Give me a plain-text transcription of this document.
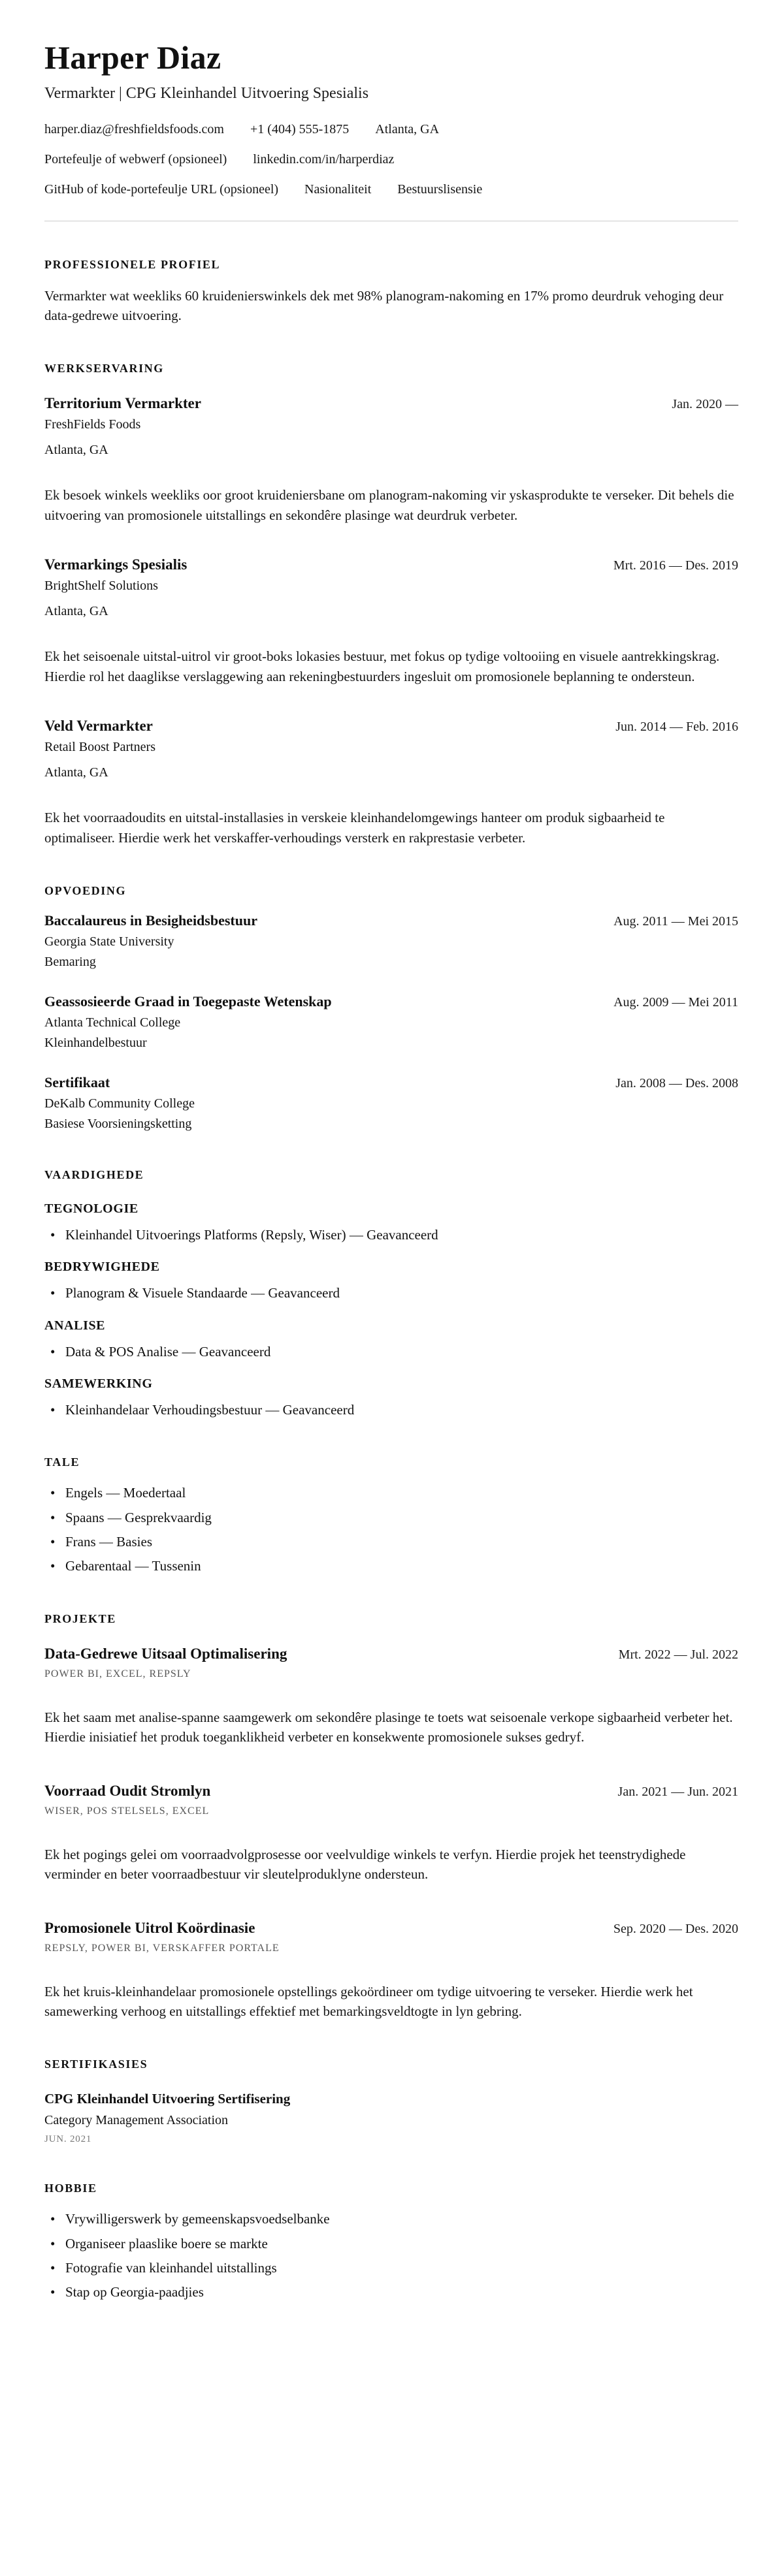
Harper Diaz

Vermarkter | CPG Kleinhandel Uitvoering Spesialis

harper.diaz@freshfieldsfoods.com +1 (404) 555-1875 Atlanta, GA
Portefeulje of webwerf (opsioneel) linkedin.com/in/harperdiaz
GitHub of kode-portefeulje URL (opsioneel) Nasionaliteit Bestuurslisensie
PROFESSIONELE PROFIEL

Vermarkter wat weekliks 60 kruidenierswinkels dek met 98% planogram-nakoming en 17% promo deurdruk vehoging deur data-gedrewe uitvoering.

WERKSERVARING
Territorium Vermarkter	Jan. 2020 —
FreshFields Foods
Atlanta, GA

Ek besoek winkels weekliks oor groot kruideniersbane om planogram-nakoming vir yskasprodukte te verseker. Dit behels die uitvoering van promosionele uitstallings en sekondêre plasinge wat deurdruk verbeter.

Vermarkings Spesialis	Mrt. 2016 — Des. 2019
BrightShelf Solutions
Atlanta, GA

Ek het seisoenale uitstal-uitrol vir groot-boks lokasies bestuur, met fokus op tydige voltooiing en visuele aantrekkingskrag. Hierdie rol het daaglikse verslaggewing aan rekeningbestuurders ingesluit om promosionele beplanning te ondersteun.

Veld Vermarkter	Jun. 2014 — Feb. 2016
Retail Boost Partners
Atlanta, GA

Ek het voorraadoudits en uitstal-installasies in verskeie kleinhandelomgewings hanteer om produk sigbaarheid te optimaliseer. Hierdie werk het verskaffer-verhoudings versterk en rakprestasie verbeter.

OPVOEDING
Baccalaureus in Besigheidsbestuur	Aug. 2011 — Mei 2015
Georgia State University
Bemaring
Geassosieerde Graad in Toegepaste Wetenskap	Aug. 2009 — Mei 2011
Atlanta Technical College
Kleinhandelbestuur
Sertifikaat	Jan. 2008 — Des. 2008
DeKalb Community College
Basiese Voorsieningsketting
VAARDIGHEDE
TEGNOLOGIE
• Kleinhandel Uitvoerings Platforms (Repsly, Wiser) — Geavanceerd
BEDRYWIGHEDE
• Planogram & Visuele Standaarde — Geavanceerd
ANALISE
• Data & POS Analise — Geavanceerd
SAMEWERKING
• Kleinhandelaar Verhoudingsbestuur — Geavanceerd
TALE
• Engels — Moedertaal
• Spaans — Gesprekvaardig
• Frans — Basies
• Gebarentaal — Tussenin
PROJEKTE
Data-Gedrewe Uitsaal Optimalisering	Mrt. 2022 — Jul. 2022
POWER BI, EXCEL, REPSLY

Ek het saam met analise-spanne saamgewerk om sekondêre plasinge te toets wat seisoenale verkope sigbaarheid verbeter het. Hierdie inisiatief het produk toeganklikheid verbeter en konsekwente promosionele sukses gedryf.

Voorraad Oudit Stromlyn	Jan. 2021 — Jun. 2021
WISER, POS STELSELS, EXCEL

Ek het pogings gelei om voorraadvolgprosesse oor veelvuldige winkels te verfyn. Hierdie projek het teenstrydighede verminder en beter voorraadbestuur vir sleutelproduklyne ondersteun.

Promosionele Uitrol Koördinasie	Sep. 2020 — Des. 2020
REPSLY, POWER BI, VERSKAFFER PORTALE

Ek het kruis-kleinhandelaar promosionele opstellings gekoördineer om tydige uitvoering te verseker. Hierdie werk het samewerking verhoog en uitstallings effektief met bemarkingsveldtogte in lyn gebring.

SERTIFIKASIES
CPG Kleinhandel Uitvoering Sertifisering
Category Management Association
JUN. 2021
HOBBIE
• Vrywilligerswerk by gemeenskapsvoedselbanke
• Organiseer plaaslike boere se markte
• Fotografie van kleinhandel uitstallings
• Stap op Georgia-paadjies
